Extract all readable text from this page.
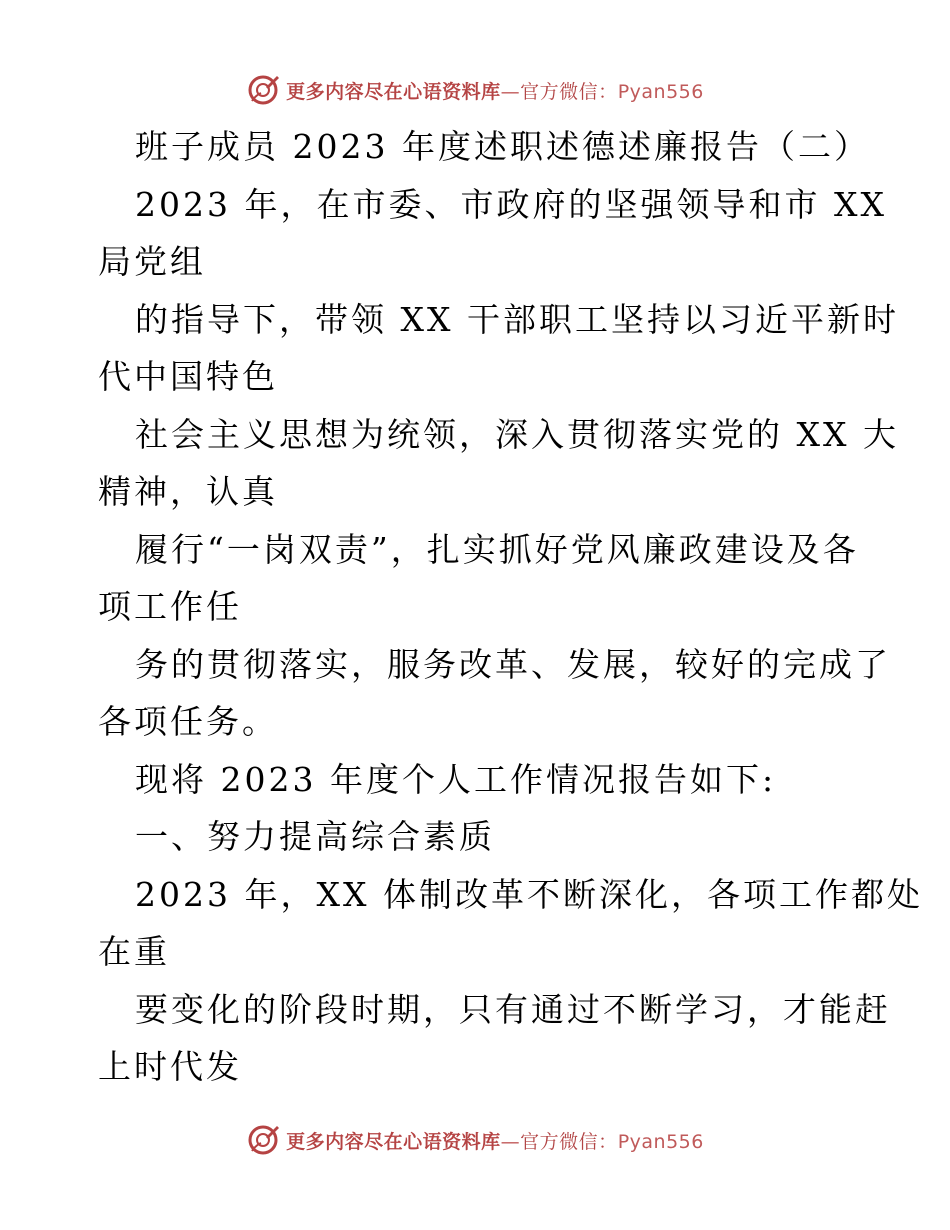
更多内容尽在心语资料库—官方微信：Pyan556
班子成员 2023 年度述职述德述廉报告（二）
2023 年，在市委、市政府的坚强领导和市 XX
局党组
的指导下，带领 XX 干部职工坚持以习近平新时
代中国特色
社会主义思想为统领，深入贯彻落实党的 XX 大
精神，认真
履行“一岗双责”，扎实抓好党风廉政建设及各
项工作任
务的贯彻落实，服务改革、发展，较好的完成了
各项任务。
现将 2023 年度个人工作情况报告如下:
一、努力提高综合素质
2023 年，XX 体制改革不断深化，各项工作都处
在重
要变化的阶段时期，只有通过不断学习，才能赶
上时代发
更多内容尽在心语资料库—官方微信：Pyan556
